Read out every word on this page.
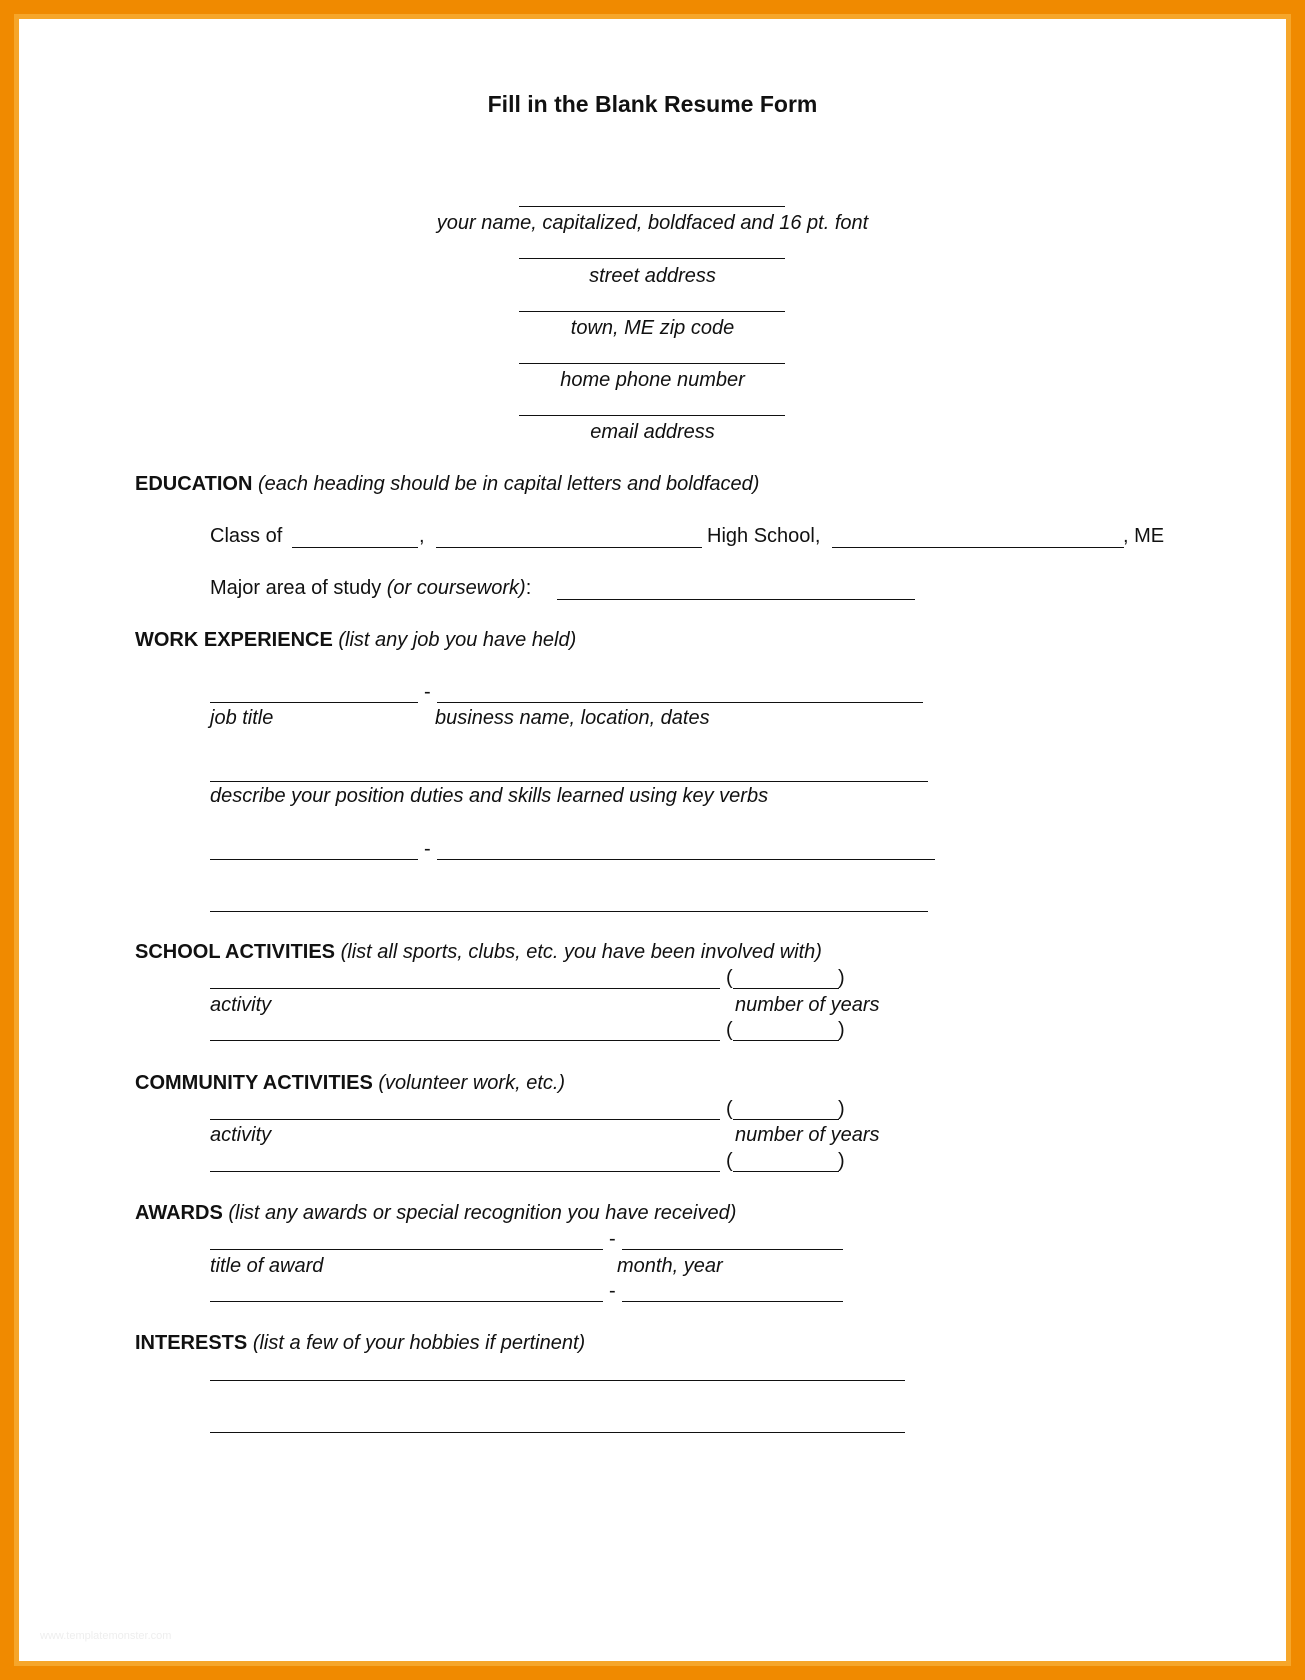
Fill in the Blank Resume Form
your name, capitalized, boldfaced and 16 pt. font
street address
town, ME zip code
home phone number
email address
EDUCATION (each heading should be in capital letters and boldfaced)
Class of	,	High School,	, ME
Major area of study (or coursework):
WORK EXPERIENCE (list any job you have held)
-
job title	business name, location, dates
describe your position duties and skills learned using key verbs
-
SCHOOL ACTIVITIES (list all sports, clubs, etc. you have been involved with)
(	)
activity	number of years
(	)
COMMUNITY ACTIVITIES (volunteer work, etc.)
(	)
activity	number of years
(	)
AWARDS (list any awards or special recognition you have received)
-
title of award	month, year
-
INTERESTS (list a few of your hobbies if pertinent)
www.templatemonster.com
